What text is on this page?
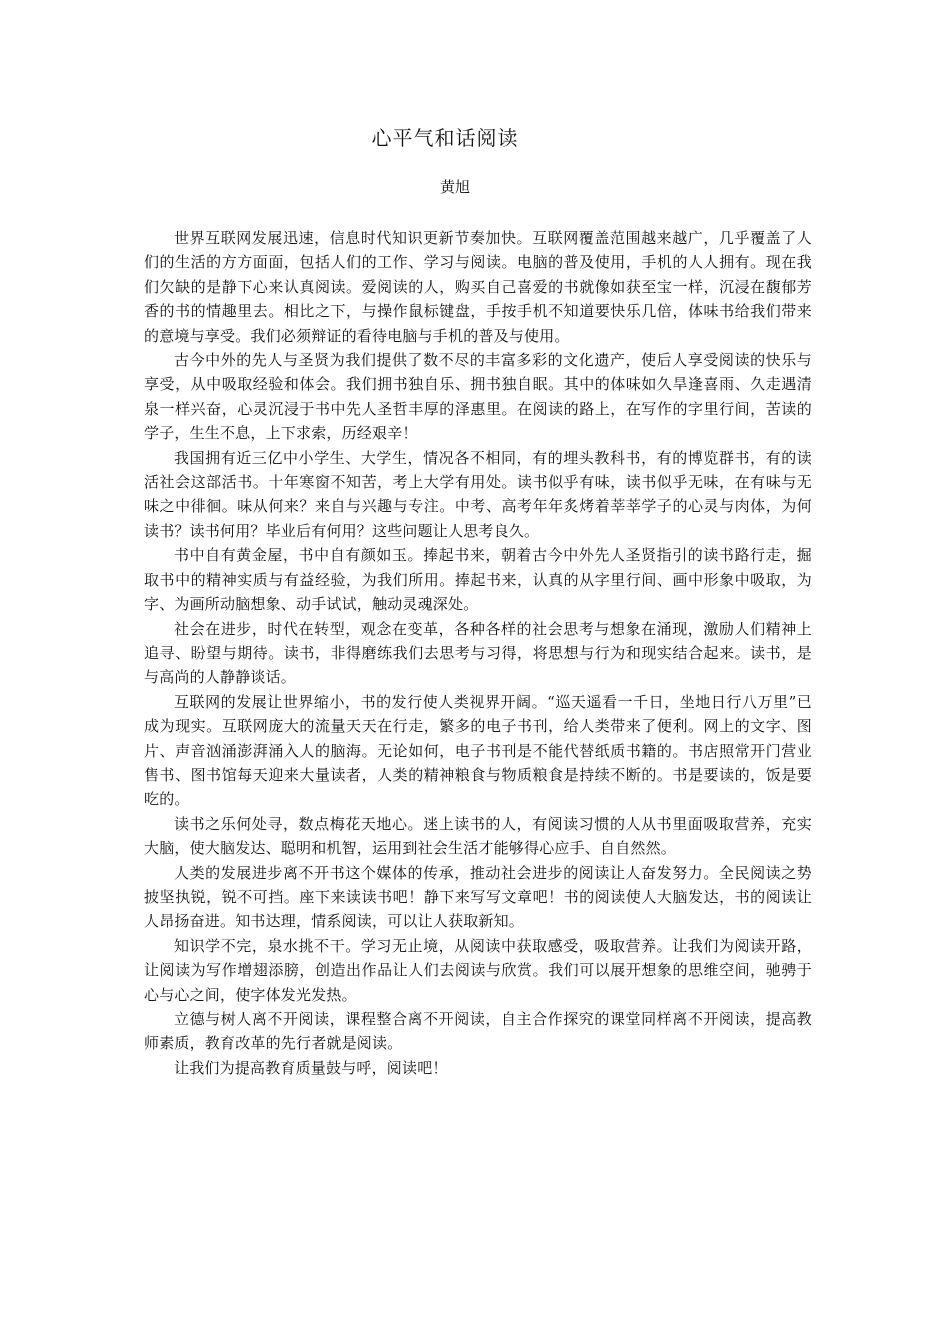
心平气和话阅读

黄旭

世界互联网发展迅速，信息时代知识更新节奏加快。互联网覆盖范围越来越广，几乎覆盖了人们的生活的方方面面，包括人们的工作、学习与阅读。电脑的普及使用，手机的人人拥有。现在我们欠缺的是静下心来认真阅读。爱阅读的人，购买自己喜爱的书就像如获至宝一样，沉浸在馥郁芳香的书的情趣里去。相比之下，与操作鼠标键盘，手按手机不知道要快乐几倍，体味书给我们带来的意境与享受。我们必须辩证的看待电脑与手机的普及与使用。

古今中外的先人与圣贤为我们提供了数不尽的丰富多彩的文化遗产，使后人享受阅读的快乐与享受，从中吸取经验和体会。我们拥书独自乐、拥书独自眠。其中的体味如久旱逢喜雨、久走遇清泉一样兴奋，心灵沉浸于书中先人圣哲丰厚的泽惠里。在阅读的路上，在写作的字里行间，苦读的学子，生生不息，上下求索，历经艰辛！

我国拥有近三亿中小学生、大学生，情况各不相同，有的埋头教科书，有的博览群书，有的读活社会这部活书。十年寒窗不知苦，考上大学有用处。读书似乎有味，读书似乎无味，在有味与无味之中徘徊。味从何来？来自与兴趣与专注。中考、高考年年炙烤着莘莘学子的心灵与肉体，为何读书？读书何用？毕业后有何用？这些问题让人思考良久。

书中自有黄金屋，书中自有颜如玉。捧起书来，朝着古今中外先人圣贤指引的读书路行走，掘取书中的精神实质与有益经验，为我们所用。捧起书来，认真的从字里行间、画中形象中吸取，为字、为画所动脑想象、动手试试，触动灵魂深处。

社会在进步，时代在转型，观念在变革，各种各样的社会思考与想象在涌现，激励人们精神上追寻、盼望与期待。读书，非得磨练我们去思考与习得，将思想与行为和现实结合起来。读书，是与高尚的人静静谈话。

互联网的发展让世界缩小，书的发行使人类视界开阔。“巡天遥看一千日，坐地日行八万里”已成为现实。互联网庞大的流量天天在行走，繁多的电子书刊，给人类带来了便利。网上的文字、图片、声音汹涌澎湃涌入人的脑海。无论如何，电子书刊是不能代替纸质书籍的。书店照常开门营业售书、图书馆每天迎来大量读者，人类的精神粮食与物质粮食是持续不断的。书是要读的，饭是要吃的。

读书之乐何处寻，数点梅花天地心。迷上读书的人，有阅读习惯的人从书里面吸取营养，充实大脑，使大脑发达、聪明和机智，运用到社会生活才能够得心应手、自自然然。

人类的发展进步离不开书这个媒体的传承，推动社会进步的阅读让人奋发努力。全民阅读之势披坚执锐，锐不可挡。座下来读读书吧！静下来写写文章吧！书的阅读使人大脑发达，书的阅读让人昂扬奋进。知书达理，情系阅读，可以让人获取新知。

知识学不完，泉水挑不干。学习无止境，从阅读中获取感受，吸取营养。让我们为阅读开路，让阅读为写作增翅添膀，创造出作品让人们去阅读与欣赏。我们可以展开想象的思维空间，驰骋于心与心之间，使字体发光发热。

立德与树人离不开阅读，课程整合离不开阅读，自主合作探究的课堂同样离不开阅读，提高教师素质，教育改革的先行者就是阅读。

让我们为提高教育质量鼓与呼，阅读吧！
